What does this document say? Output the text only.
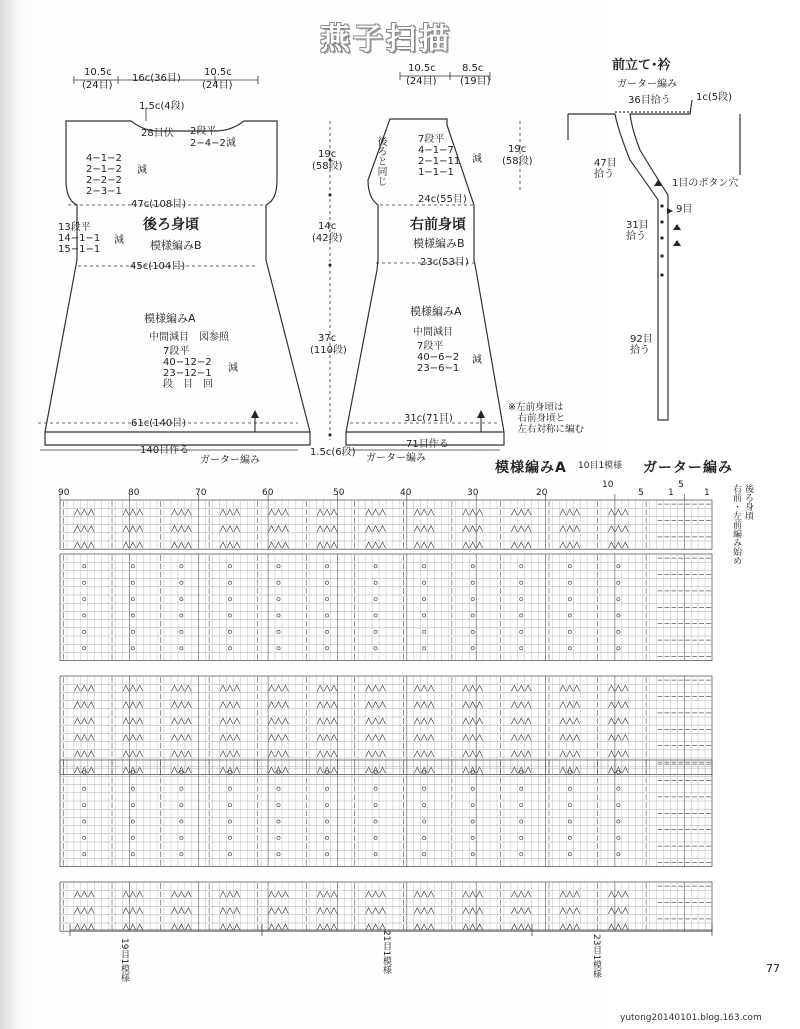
燕子扫描
10.5c
(24目)
16c(36目)
10.5c
(24目)
1.5c(4段)
28目伏 2段平
2−4−2減
4−1−2
2−1−2
2−2−2
2−3−1
減
47c(108目)
後ろ身頃
模様編みB
13段平
14−1−1
15−1−1
減
45c(104目)
模様編みA
中間減目　図参照
7段平
40−12−2
23−12−1
段　目　回
減
61c(140目)
140目作る
ガーター編み
19c
(58段)
14c
(42段)
37c
(110段)
1.5c(6段)
10.5c
(24目)
8.5c
(19目)
後ろと同じ	7段平
4−1−7
2−1−11
1−1−1
減
19c
(58段)
24c(55目)
右前身頃
模様編みB
23c(53目)
模様編みA
中間減目
7段平
40−6−2
23−6−1
減
31c(71目)
71目作る
ガーター編み
※左前身頃は
　右前身頃と
　左右対称に編む
前立て･衿
ガーター編み
36目拾う	1c(5段)
47目
拾う
1目のボタン穴
9目
31目
拾う
92目
拾う
模様編みA 10目1模様 ガーター編み
後ろ身頃
右前・左前編み始め
90	80	70	60	50	40	30	20
10
5	1
5
1
19目1模様	21目1模様	23目1模様	77
yutong20140101.blog.163.com
